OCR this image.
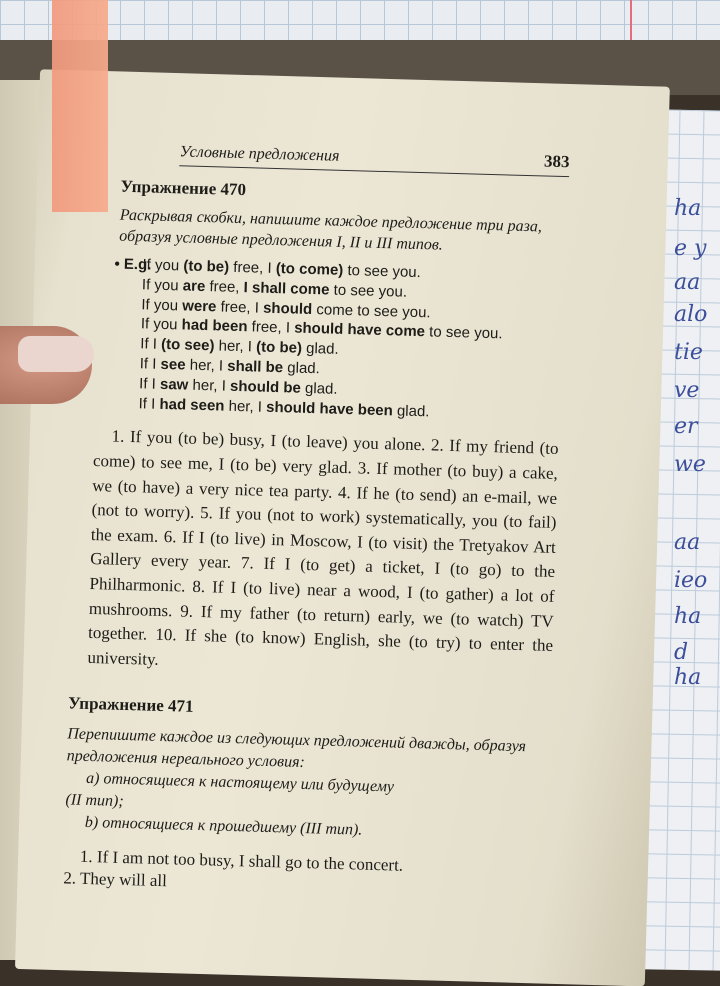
ha
e y
aa
alo
tie
ve
er
we
aa
ieo
ha
d ha
Условные предложения	383
Упражнение 470
Раскрывая скобки, напишите каждое предложение три раза, образуя условные предложения I, II и III типов.
• E.g.
If you (to be) free, I (to come) to see you.
If you are free, I shall come to see you.
If you were free, I should come to see you.
If you had been free, I should have come to see you.
If I (to see) her, I (to be) glad.
If I see her, I shall be glad.
If I saw her, I should be glad.
If I had seen her, I should have been glad.
1. If you (to be) busy, I (to leave) you alone. 2. If my friend (to come) to see me, I (to be) very glad. 3. If mother (to buy) a cake, we (to have) a very nice tea party. 4. If he (to send) an e-mail, we (not to worry). 5. If you (not to work) systematically, you (to fail) the exam. 6. If I (to live) in Moscow, I (to visit) the Tretyakov Art Gallery every year. 7. If I (to get) a ticket, I (to go) to the Philharmonic. 8. If I (to live) near a wood, I (to gather) a lot of mushrooms. 9. If my father (to return) early, we (to watch) TV together. 10. If she (to know) English, she (to try) to enter the university.
Упражнение 471

Перепишите каждое из следующих предложений дважды, образуя предложения нереального условия:

a) относящиеся к настоящему или будущему

(II тип);

b) относящиеся к прошедшему (III тип).

1. If I am not too busy, I shall go to the concert.
2. They will all
